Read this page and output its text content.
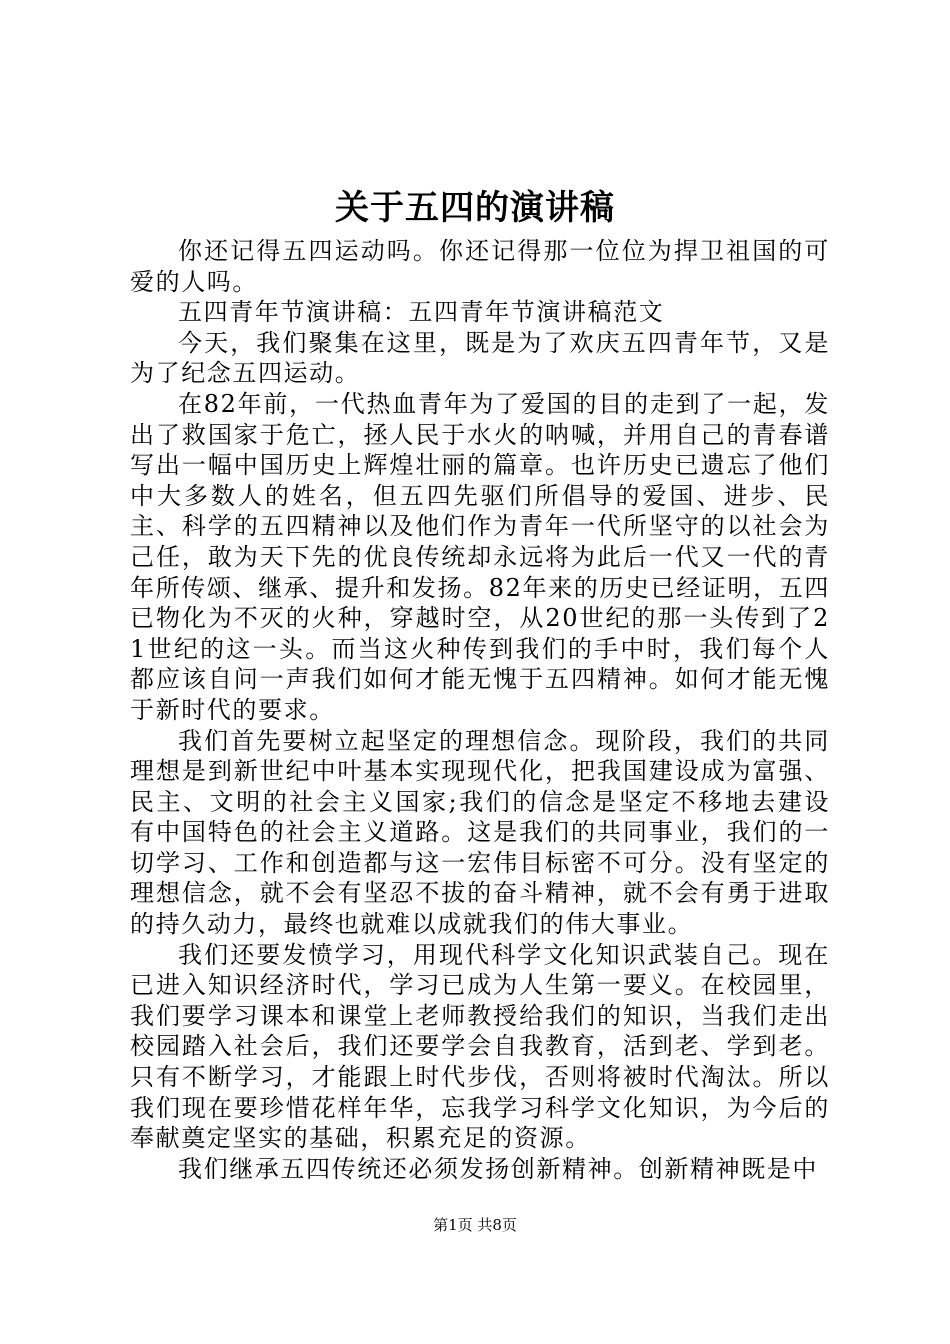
关于五四的演讲稿

你还记得五四运动吗。你还记得那一位位为捍卫祖国的可爱的人吗。

五四青年节演讲稿：五四青年节演讲稿范文

今天，我们聚集在这里，既是为了欢庆五四青年节，又是为了纪念五四运动。

在82年前，一代热血青年为了爱国的目的走到了一起，发出了救国家于危亡，拯人民于水火的呐喊，并用自己的青春谱写出一幅中国历史上辉煌壮丽的篇章。也许历史已遗忘了他们中大多数人的姓名，但五四先驱们所倡导的爱国、进步、民主、科学的五四精神以及他们作为青年一代所坚守的以社会为己任，敢为天下先的优良传统却永远将为此后一代又一代的青年所传颂、继承、提升和发扬。82年来的历史已经证明，五四已物化为不灭的火种，穿越时空，从20世纪的那一头传到了21世纪的这一头。而当这火种传到我们的手中时，我们每个人都应该自问一声我们如何才能无愧于五四精神。如何才能无愧于新时代的要求。

我们首先要树立起坚定的理想信念。现阶段，我们的共同理想是到新世纪中叶基本实现现代化，把我国建设成为富强、民主、文明的社会主义国家;我们的信念是坚定不移地去建设有中国特色的社会主义道路。这是我们的共同事业，我们的一切学习、工作和创造都与这一宏伟目标密不可分。没有坚定的理想信念，就不会有坚忍不拔的奋斗精神，就不会有勇于进取的持久动力，最终也就难以成就我们的伟大事业。

我们还要发愤学习，用现代科学文化知识武装自己。现在已进入知识经济时代，学习已成为人生第一要义。在校园里，我们要学习课本和课堂上老师教授给我们的知识，当我们走出校园踏入社会后，我们还要学会自我教育，活到老、学到老。只有不断学习，才能跟上时代步伐，否则将被时代淘汰。所以我们现在要珍惜花样年华，忘我学习科学文化知识，为今后的奉献奠定坚实的基础，积累充足的资源。

我们继承五四传统还必须发扬创新精神。创新精神既是中

第1页 共8页
